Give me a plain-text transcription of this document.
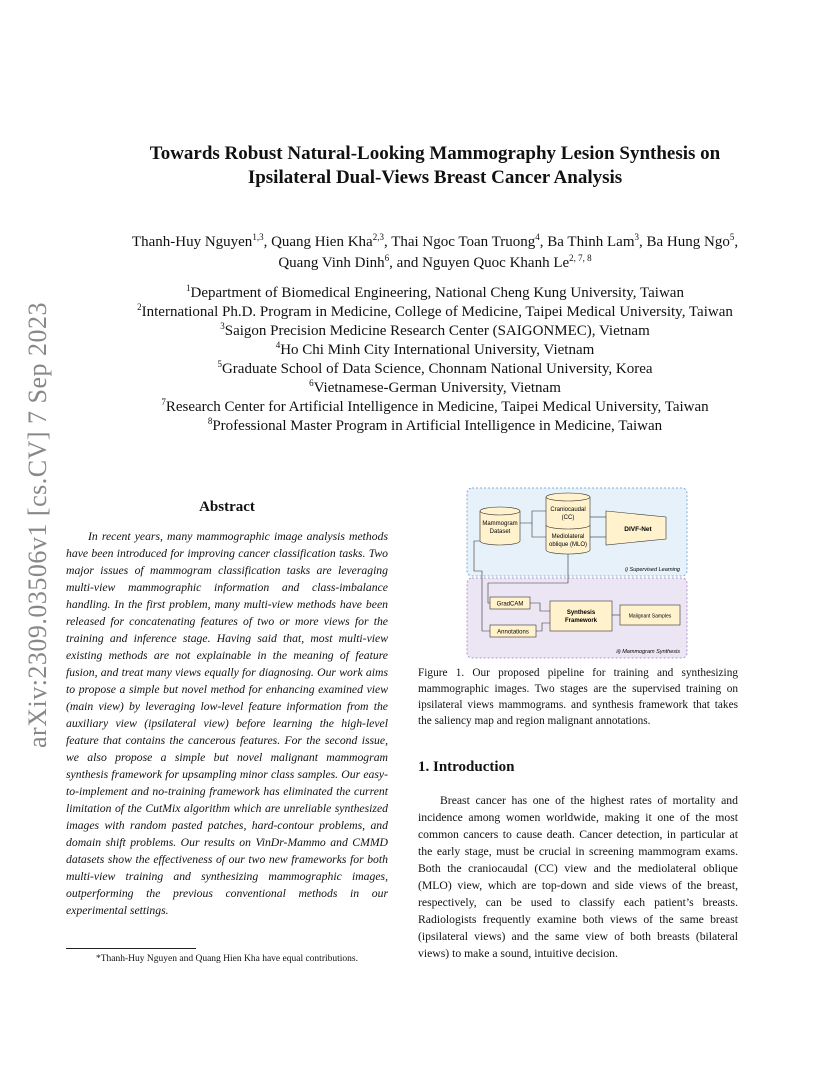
arXiv:2309.03506v1 [cs.CV] 7 Sep 2023
Towards Robust Natural-Looking Mammography Lesion Synthesis on
Ipsilateral Dual-Views Breast Cancer Analysis
Thanh-Huy Nguyen$^{1,3}$, Quang Hien Kha$^{2,3}$, Thai Ngoc Toan Truong$^4$, Ba Thinh Lam$^3$, Ba Hung Ngo$^5$,
Quang Vinh Dinh$^6$, and Nguyen Quoc Khanh Le$^{2, 7, 8}$
$^1$Department of Biomedical Engineering, National Cheng Kung University, Taiwan
$^2$International Ph.D. Program in Medicine, College of Medicine, Taipei Medical University, Taiwan
$^3$Saigon Precision Medicine Research Center (SAIGONMEC), Vietnam
$^4$Ho Chi Minh City International University, Vietnam
$^5$Graduate School of Data Science, Chonnam National University, Korea
$^6$Vietnamese-German University, Vietnam
$^7$Research Center for Artificial Intelligence in Medicine, Taipei Medical University, Taiwan
$^8$Professional Master Program in Artificial Intelligence in Medicine, Taiwan
Abstract
In recent years, many mammographic image analysis methods have been introduced for improving cancer classification tasks. Two major issues of mammogram classification tasks are leveraging multi-view mammographic information and class-imbalance handling. In the first problem, many multi-view methods have been released for concatenating features of two or more views for the training and inference stage. Having said that, most multi-view existing methods are not explainable in the meaning of feature fusion, and treat many views equally for diagnosing. Our work aims to propose a simple but novel method for enhancing examined view (main view) by leveraging low-level feature information from the auxiliary view (ipsilateral view) before learning the high-level feature that contains the cancerous features. For the second issue, we also propose a simple but novel malignant mammogram synthesis framework for upsampling minor class samples. Our easy-to-implement and no-training framework has eliminated the current limitation of the CutMix algorithm which are unreliable synthesized images with random pasted patches, hard-contour problems, and domain shift problems. Our results on VinDr-Mammo and CMMD datasets show the effectiveness of our two new frameworks for both multi-view training and synthesizing mammographic images, outperforming the previous conventional methods in our experimental settings.
*Thanh-Huy Nguyen and Quang Hien Kha have equal contributions.
Mammogram
Dataset
Craniocaudal
(CC)
Mediolateral
oblique (MLO)
DIVF-Net
i) Supervised Learning
GradCAM
Annotations
Synthesis
Framework
Malignant Samples
ii) Mammogram Synthesis
Figure 1. Our proposed pipeline for training and synthesizing mammographic images. Two stages are the supervised training on ipsilateral views mammograms. and synthesis framework that takes the saliency map and region malignant annotations.
1. Introduction
Breast cancer has one of the highest rates of mortality and incidence among women worldwide, making it one of the most common cancers to cause death. Cancer detection, in particular at the early stage, must be crucial in screening mammogram exams. Both the craniocaudal (CC) view and the mediolateral oblique (MLO) view, which are top-down and side views of the breast, respectively, can be used to classify each patient’s breasts. Radiologists frequently examine both views of the same breast (ipsilateral views) and the same view of both breasts (bilateral views) to make a sound, intuitive decision.
